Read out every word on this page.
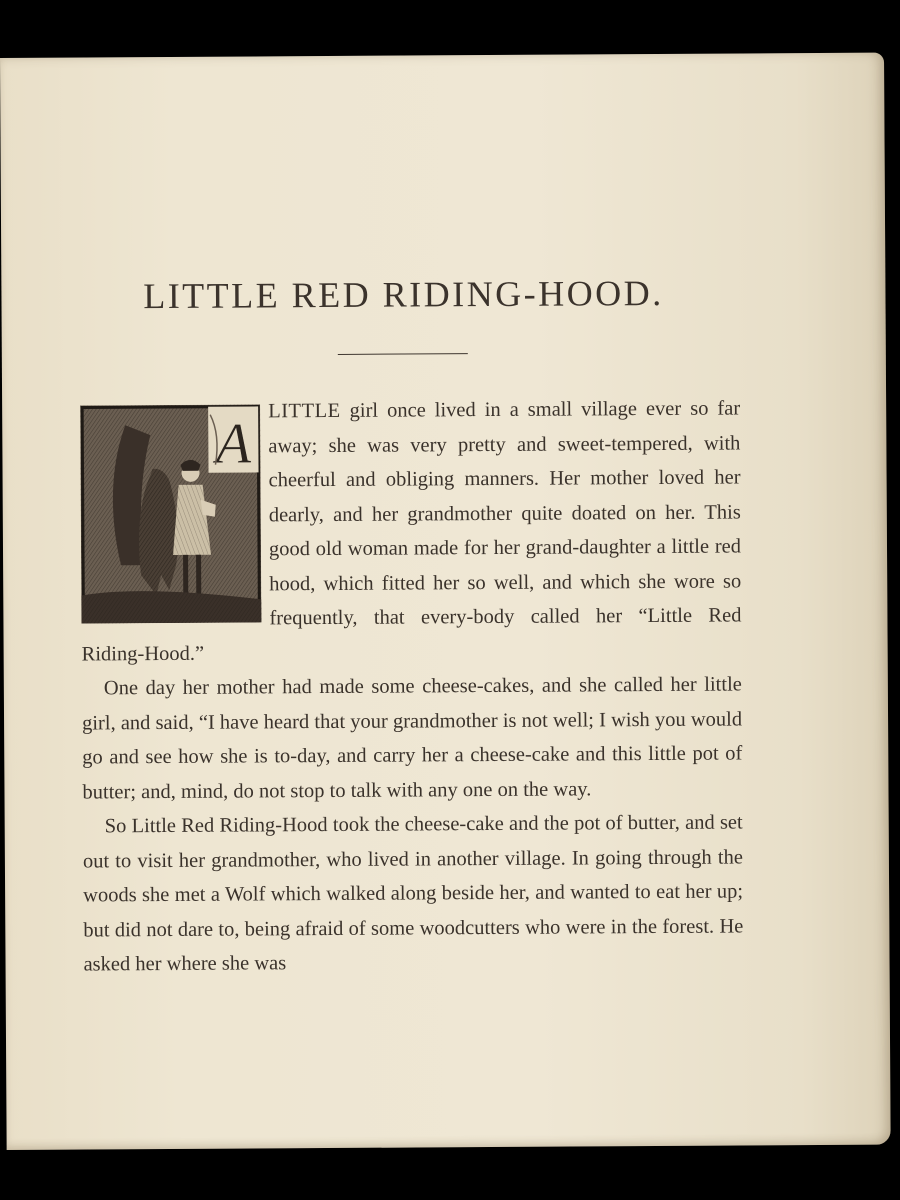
LITTLE RED RIDING-HOOD.
A LITTLE girl once lived in a small village ever so far away; she was very pretty and sweet-tempered, with cheerful and obliging manners. Her mother loved her dearly, and her grandmother quite doated on her. This good old woman made for her grand-daughter a little red hood, which fitted her so well, and which she wore so frequently, that every-body called her “Little Red Riding-Hood.”

One day her mother had made some cheese-cakes, and she called her little girl, and said, “I have heard that your grandmother is not well; I wish you would go and see how she is to-day, and carry her a cheese-cake and this little pot of butter; and, mind, do not stop to talk with any one on the way.

So Little Red Riding-Hood took the cheese-cake and the pot of butter, and set out to visit her grandmother, who lived in another village. In going through the woods she met a Wolf which walked along beside her, and wanted to eat her up; but did not dare to, being afraid of some woodcutters who were in the forest. He asked her where she was
